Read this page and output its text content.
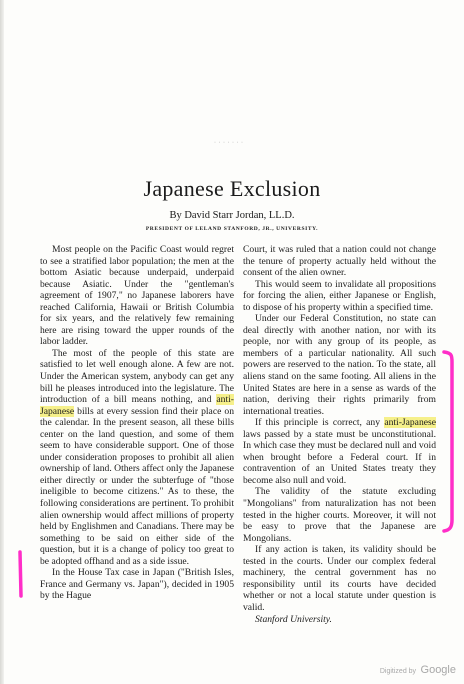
· · · · · · ·
Japanese Exclusion
By David Starr Jordan, LL.D.
PRESIDENT OF LELAND STANFORD, JR., UNIVERSITY.

Most people on the Pacific Coast would regret to see a stratified labor population; the men at the bottom Asiatic because underpaid, underpaid because Asiatic. Under the "gentleman's agreement of 1907," no Japanese laborers have reached California, Hawaii or British Columbia for six years, and the relatively few remaining here are rising toward the upper rounds of the labor ladder.

The most of the people of this state are satisfied to let well enough alone. A few are not. Under the American system, anybody can get any bill he pleases introduced into the legislature. The introduction of a bill means nothing, and anti-Japanese bills at every session find their place on the calendar. In the present season, all these bills center on the land question, and some of them seem to have considerable support. One of those under consideration proposes to prohibit all alien ownership of land. Others affect only the Japanese either directly or under the subterfuge of "those ineligible to become citizens." As to these, the following considerations are pertinent. To prohibit alien ownership would affect millions of property held by Englishmen and Canadians. There may be something to be said on either side of the question, but it is a change of policy too great to be adopted offhand and as a side issue.

In the House Tax case in Japan ("British Isles, France and Germany vs. Japan"), decided in 1905 by the Hague

Court, it was ruled that a nation could not change the tenure of property actually held without the consent of the alien owner.

This would seem to invalidate all propositions for forcing the alien, either Japanese or English, to dispose of his property within a specified time.

Under our Federal Constitution, no state can deal directly with another nation, nor with its people, nor with any group of its people, as members of a particular nationality. All such powers are reserved to the nation. To the state, all aliens stand on the same footing. All aliens in the United States are here in a sense as wards of the nation, deriving their rights primarily from international treaties.

If this principle is correct, any anti-Japanese laws passed by a state must be unconstitutional. In which case they must be declared null and void when brought before a Federal court. If in contravention of an United States treaty they become also null and void.

The validity of the statute excluding "Mongolians" from naturalization has not been tested in the higher courts. Moreover, it will not be easy to prove that the Japanese are Mongolians.

If any action is taken, its validity should be tested in the courts. Under our complex federal machinery, the central government has no responsibility until its courts have decided whether or not a local statute under question is valid.

Stanford University.

Digitized by Google
